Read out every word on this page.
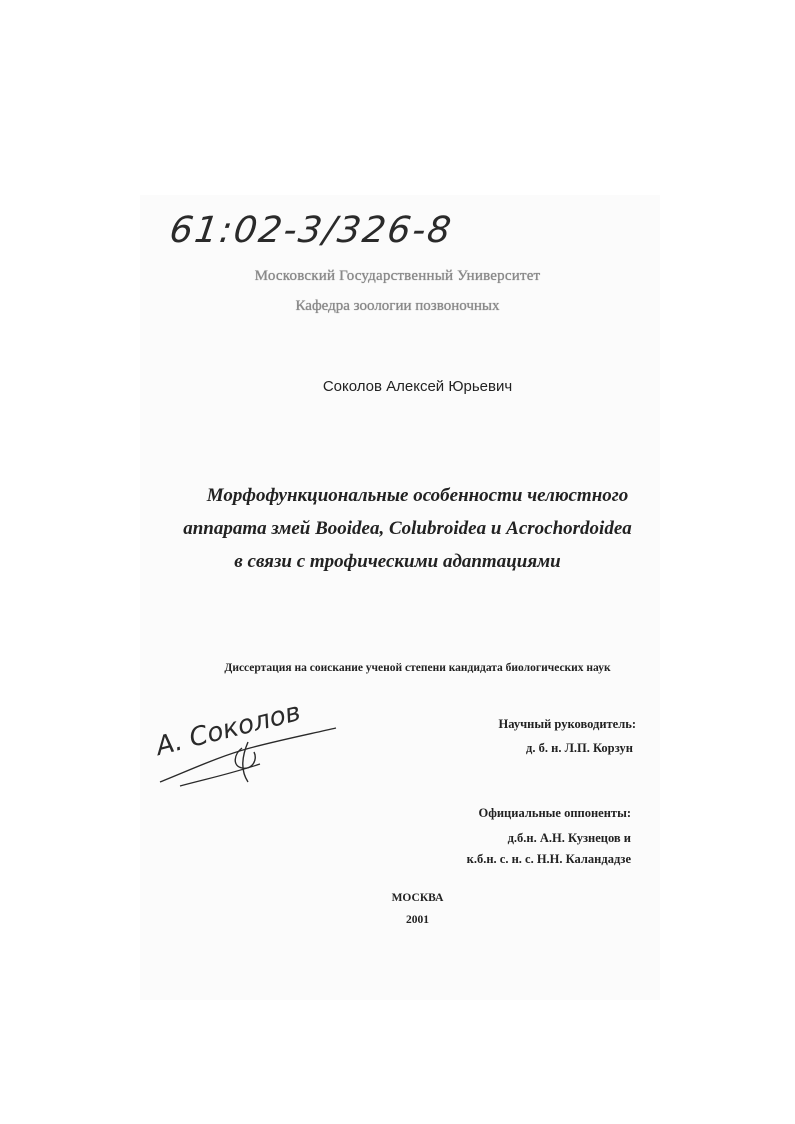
61:02-3/326-8
Московский Государственный Университет
Кафедра зоологии позвоночных
Соколов Алексей Юрьевич
Морфофункциональные особенности челюстного
аппарата змей Booidea, Colubroidea и Acrochordoidea
в связи с трофическими адаптациями
Диссертация на соискание ученой степени кандидата биологических наук
А. Соколов	Научный руководитель:
д. б. н. Л.П. Корзун
Официальные оппоненты:
д.б.н. А.Н. Кузнецов и
к.б.н. с. н. с. Н.Н. Каландадзе
МОСКВА
2001
